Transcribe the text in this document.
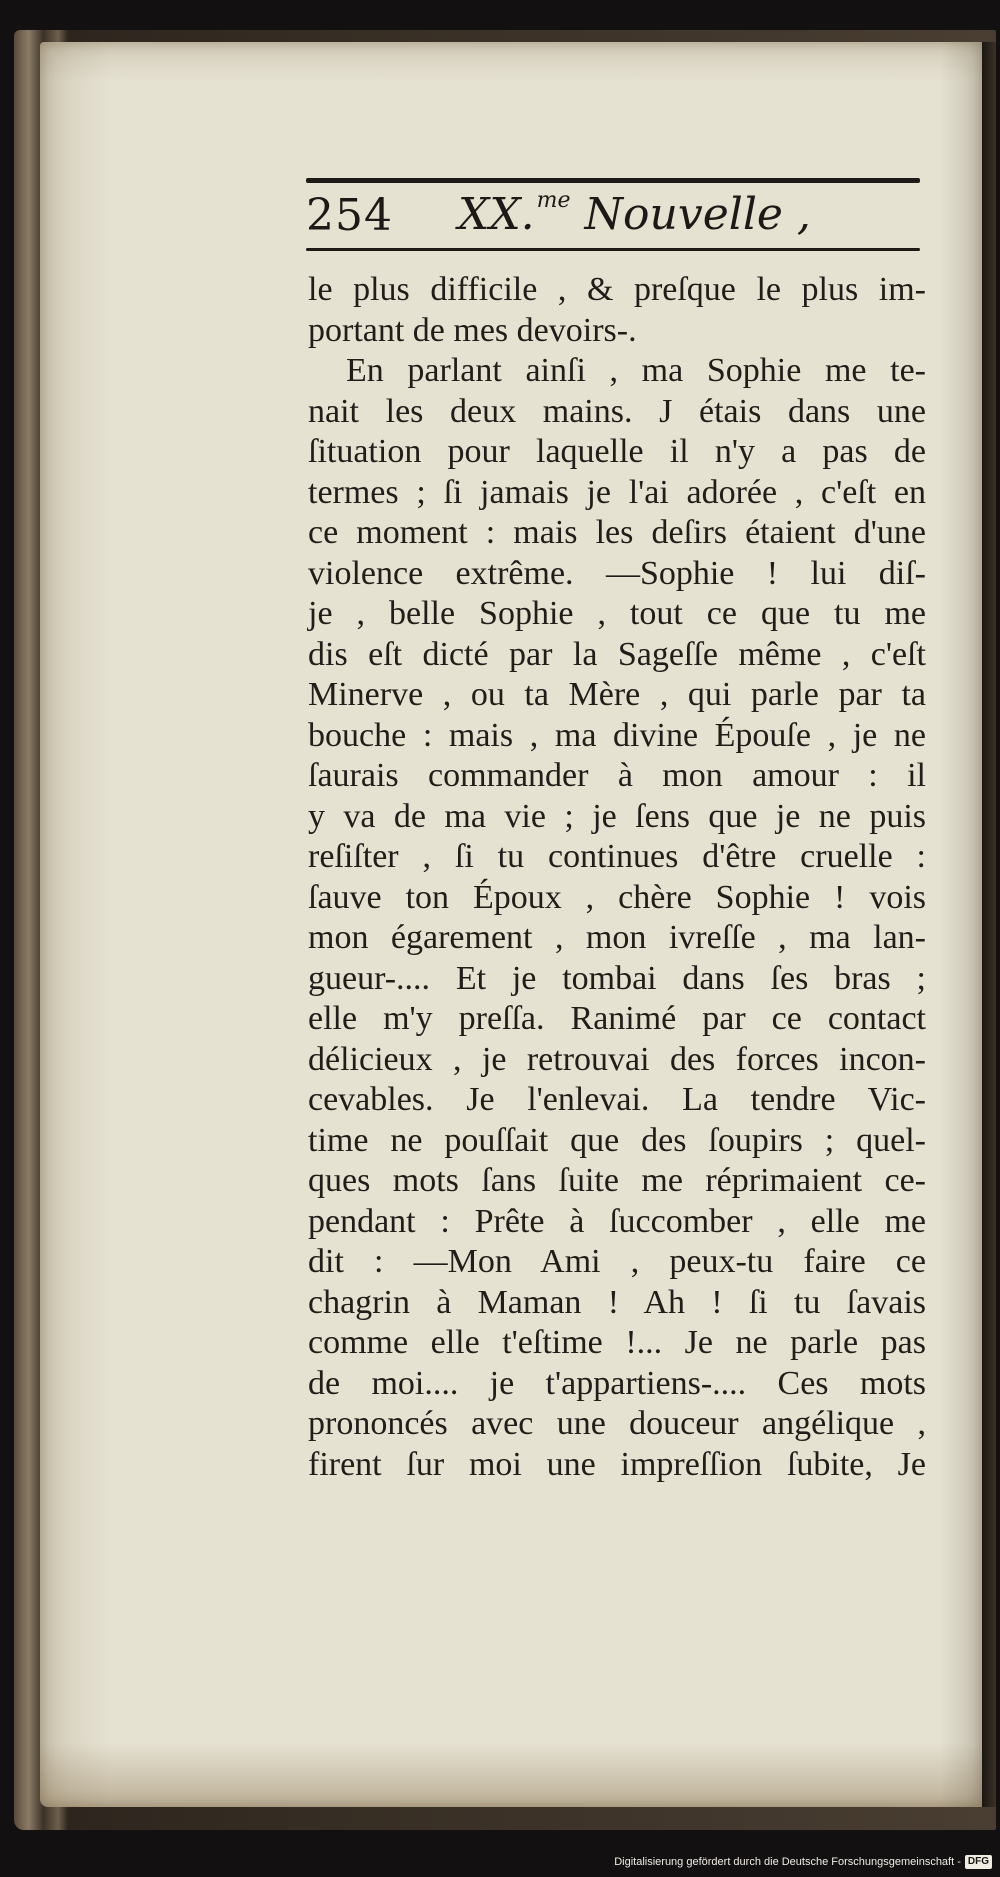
254 XX.$^{me}$ Nouvelle ,
le plus difficile , & preſque le plus im-
portant de mes devoirs-.
En parlant ainſi , ma Sophie me te-
nait les deux mains. J étais dans une
ſituation pour laquelle il n'y a pas de
termes ; ſi jamais je l'ai adorée , c'eſt en
ce moment : mais les deſirs étaient d'une
violence extrême. —Sophie ! lui diſ-
je , belle Sophie , tout ce que tu me
dis eſt dicté par la Sageſſe même , c'eſt
Minerve , ou ta Mère , qui parle par ta
bouche : mais , ma divine Épouſe , je ne
ſaurais commander à mon amour : il
y va de ma vie ; je ſens que je ne puis
reſiſter , ſi tu continues d'être cruelle :
ſauve ton Époux , chère Sophie ! vois
mon égarement , mon ivreſſe , ma lan-
gueur-.... Et je tombai dans ſes bras ;
elle m'y preſſa. Ranimé par ce contact
délicieux , je retrouvai des forces incon-
cevables. Je l'enlevai. La tendre Vic-
time ne pouſſait que des ſoupirs ; quel-
ques mots ſans ſuite me réprimaient ce-
pendant : Prête à ſuccomber , elle me
dit : —Mon Ami , peux-tu faire ce
chagrin à Maman ! Ah ! ſi tu ſavais
comme elle t'eſtime !... Je ne parle pas
de moi.... je t'appartiens-.... Ces mots
prononcés avec une douceur angélique ,
firent ſur moi une impreſſion ſubite, Je
Digitalisierung gefördert durch die Deutsche Forschungsgemeinschaft - DFG
